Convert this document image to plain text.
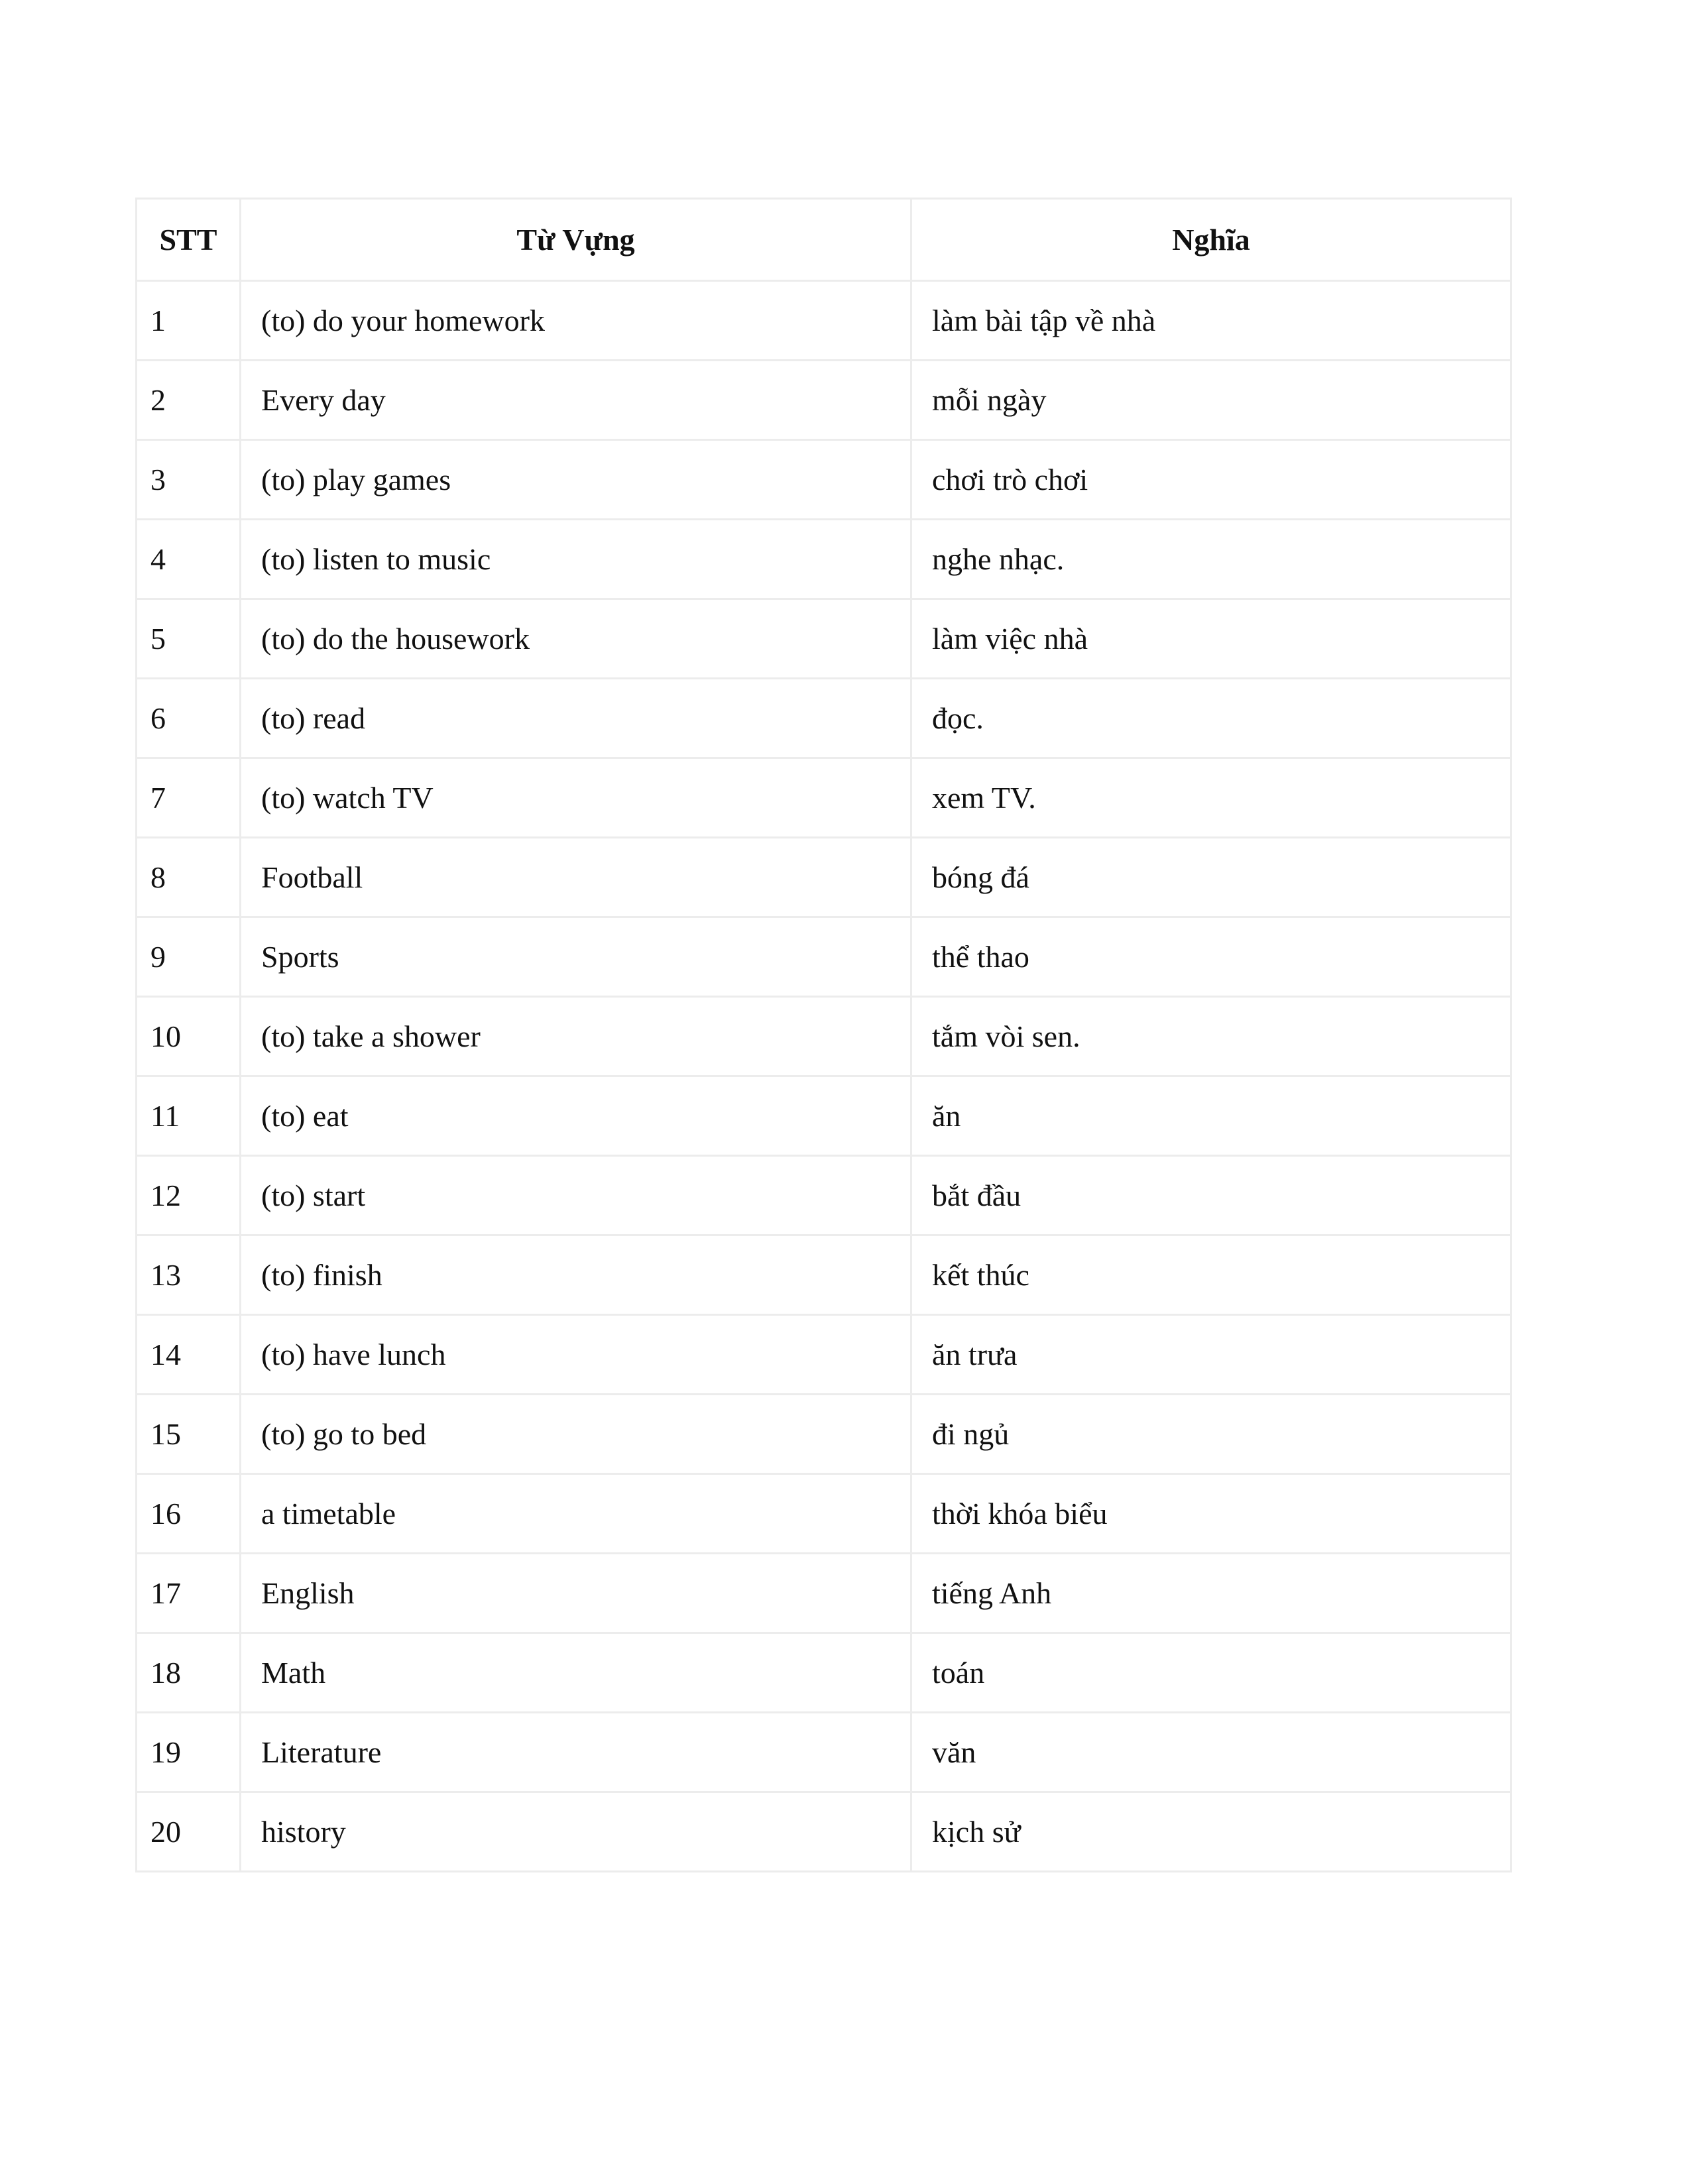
STT	Từ Vựng	Nghĩa
1	(to) do your homework	làm bài tập về nhà
2	Every day	mỗi ngày
3	(to) play games	chơi trò chơi
4	(to) listen to music	nghe nhạc.
5	(to) do the housework	làm việc nhà
6	(to) read	đọc.
7	(to) watch TV	xem TV.
8	Football	bóng đá
9	Sports	thể thao
10	(to) take a shower	tắm vòi sen.
11	(to) eat	ăn
12	(to) start	bắt đầu
13	(to) finish	kết thúc
14	(to) have lunch	ăn trưa
15	(to) go to bed	đi ngủ
16	a timetable	thời khóa biểu
17	English	tiếng Anh
18	Math	toán
19	Literature	văn
20	history	kịch sử
